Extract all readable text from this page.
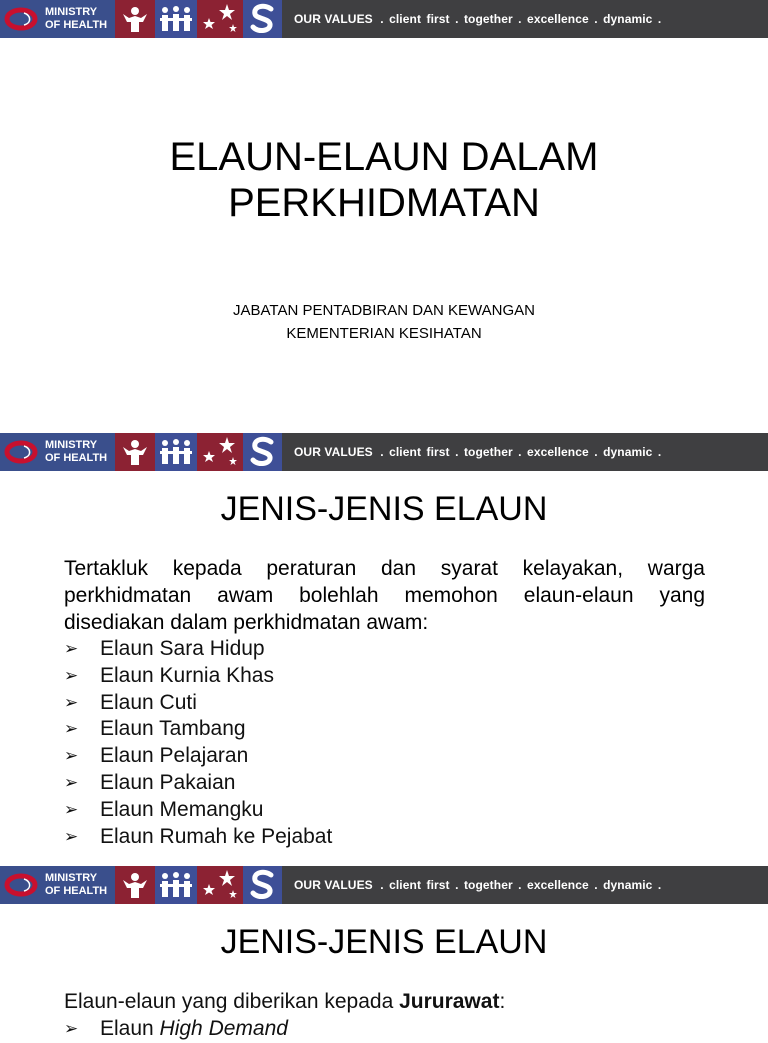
MINISTRY
OF HEALTH	OUR VALUES . client first . together . excellence . dynamic .
ELAUN-ELAUN DALAM
PERKHIDMATAN
JABATAN PENTADBIRAN DAN KEWANGAN
KEMENTERIAN KESIHATAN
MINISTRY
OF HEALTH	OUR VALUES . client first . together . excellence . dynamic .
JENIS-JENIS ELAUN
Tertakluk kepada peraturan dan syarat kelayakan, warga perkhidmatan awam bolehlah memohon elaun-elaun yang disediakan dalam perkhidmatan awam:
➢ Elaun Sara Hidup
➢ Elaun Kurnia Khas
➢ Elaun Cuti
➢ Elaun Tambang
➢ Elaun Pelajaran
➢ Elaun Pakaian
➢ Elaun Memangku
➢ Elaun Rumah ke Pejabat
MINISTRY
OF HEALTH	OUR VALUES . client first . together . excellence . dynamic .
JENIS-JENIS ELAUN
Elaun-elaun yang diberikan kepada Jururawat:
➢ Elaun High Demand
